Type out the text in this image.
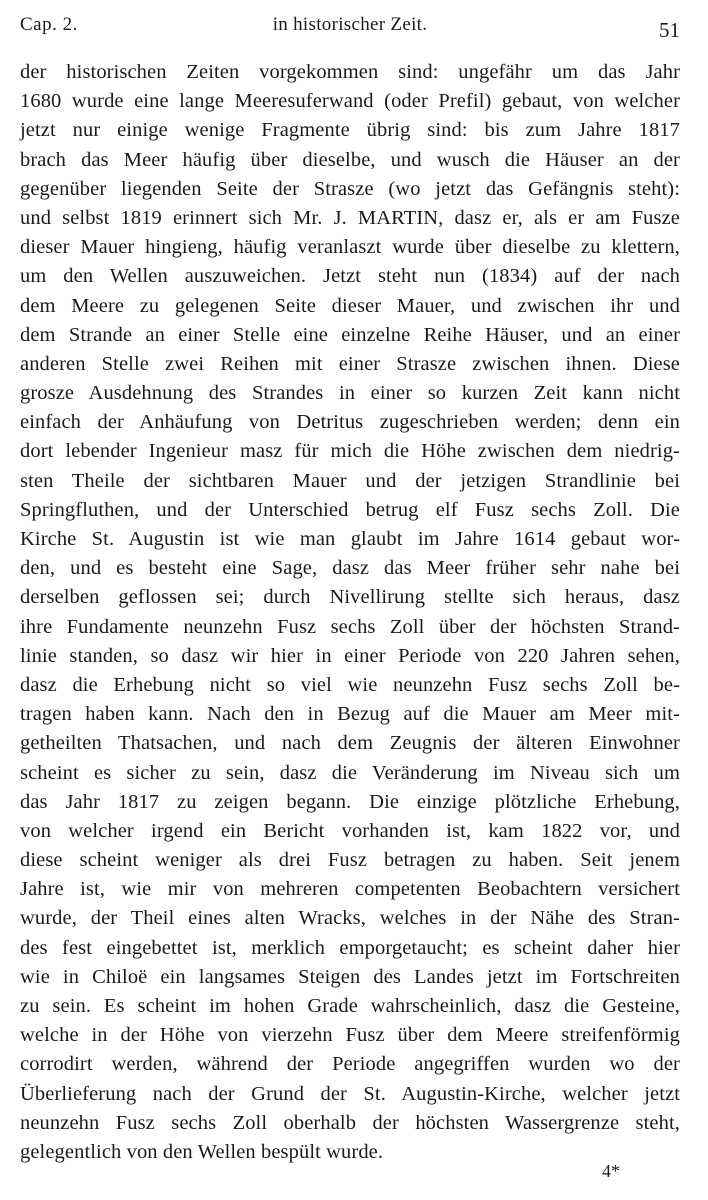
Cap. 2.	in historischer Zeit.	51
der historischen Zeiten vorgekommen sind: ungefähr um das Jahr
1680 wurde eine lange Meeresuferwand (oder Prefil) gebaut, von welcher
jetzt nur einige wenige Fragmente übrig sind: bis zum Jahre 1817
brach das Meer häufig über dieselbe, und wusch die Häuser an der
gegenüber liegenden Seite der Strasze (wo jetzt das Gefängnis steht):
und selbst 1819 erinnert sich Mr. J. MARTIN, dasz er, als er am Fusze
dieser Mauer hingieng, häufig veranlaszt wurde über dieselbe zu klettern,
um den Wellen auszuweichen. Jetzt steht nun (1834) auf der nach
dem Meere zu gelegenen Seite dieser Mauer, und zwischen ihr und
dem Strande an einer Stelle eine einzelne Reihe Häuser, und an einer
anderen Stelle zwei Reihen mit einer Strasze zwischen ihnen. Diese
grosze Ausdehnung des Strandes in einer so kurzen Zeit kann nicht
einfach der Anhäufung von Detritus zugeschrieben werden; denn ein
dort lebender Ingenieur masz für mich die Höhe zwischen dem niedrig-
sten Theile der sichtbaren Mauer und der jetzigen Strandlinie bei
Springfluthen, und der Unterschied betrug elf Fusz sechs Zoll. Die
Kirche St. Augustin ist wie man glaubt im Jahre 1614 gebaut wor-
den, und es besteht eine Sage, dasz das Meer früher sehr nahe bei
derselben geflossen sei; durch Nivellirung stellte sich heraus, dasz
ihre Fundamente neunzehn Fusz sechs Zoll über der höchsten Strand-
linie standen, so dasz wir hier in einer Periode von 220 Jahren sehen,
dasz die Erhebung nicht so viel wie neunzehn Fusz sechs Zoll be-
tragen haben kann. Nach den in Bezug auf die Mauer am Meer mit-
getheilten Thatsachen, und nach dem Zeugnis der älteren Einwohner
scheint es sicher zu sein, dasz die Veränderung im Niveau sich um
das Jahr 1817 zu zeigen begann. Die einzige plötzliche Erhebung,
von welcher irgend ein Bericht vorhanden ist, kam 1822 vor, und
diese scheint weniger als drei Fusz betragen zu haben. Seit jenem
Jahre ist, wie mir von mehreren competenten Beobachtern versichert
wurde, der Theil eines alten Wracks, welches in der Nähe des Stran-
des fest eingebettet ist, merklich emporgetaucht; es scheint daher hier
wie in Chiloë ein langsames Steigen des Landes jetzt im Fortschreiten
zu sein. Es scheint im hohen Grade wahrscheinlich, dasz die Gesteine,
welche in der Höhe von vierzehn Fusz über dem Meere streifenförmig
corrodirt werden, während der Periode angegriffen wurden wo der
Überlieferung nach der Grund der St. Augustin-Kirche, welcher jetzt
neunzehn Fusz sechs Zoll oberhalb der höchsten Wassergrenze steht,
gelegentlich von den Wellen bespült wurde.
4*
